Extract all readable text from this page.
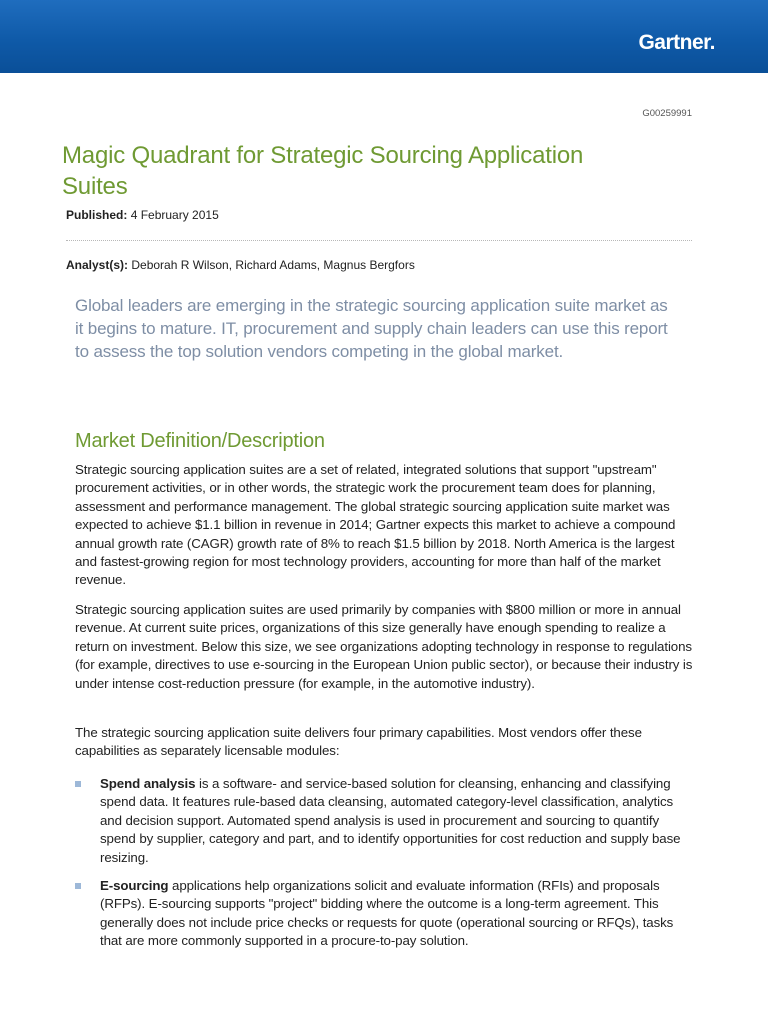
Gartner.
G00259991
Magic Quadrant for Strategic Sourcing Application Suites
Published: 4 February 2015
Analyst(s): Deborah R Wilson, Richard Adams, Magnus Bergfors

Global leaders are emerging in the strategic sourcing application suite market as it begins to mature. IT, procurement and supply chain leaders can use this report to assess the top solution vendors competing in the global market.

Market Definition/Description

Strategic sourcing application suites are a set of related, integrated solutions that support "upstream" procurement activities, or in other words, the strategic work the procurement team does for planning, assessment and performance management. The global strategic sourcing application suite market was expected to achieve $1.1 billion in revenue in 2014; Gartner expects this market to achieve a compound annual growth rate (CAGR) growth rate of 8% to reach $1.5 billion by 2018. North America is the largest and fastest-growing region for most technology providers, accounting for more than half of the market revenue.

Strategic sourcing application suites are used primarily by companies with $800 million or more in annual revenue. At current suite prices, organizations of this size generally have enough spending to realize a return on investment. Below this size, we see organizations adopting technology in response to regulations (for example, directives to use e-sourcing in the European Union public sector), or because their industry is under intense cost-reduction pressure (for example, in the automotive industry).

The strategic sourcing application suite delivers four primary capabilities. Most vendors offer these capabilities as separately licensable modules:

Spend analysis is a software- and service-based solution for cleansing, enhancing and classifying spend data. It features rule-based data cleansing, automated category-level classification, analytics and decision support. Automated spend analysis is used in procurement and sourcing to quantify spend by supplier, category and part, and to identify opportunities for cost reduction and supply base resizing.
E-sourcing applications help organizations solicit and evaluate information (RFIs) and proposals (RFPs). E-sourcing supports "project" bidding where the outcome is a long-term agreement. This generally does not include price checks or requests for quote (operational sourcing or RFQs), tasks that are more commonly supported in a procure-to-pay solution.
